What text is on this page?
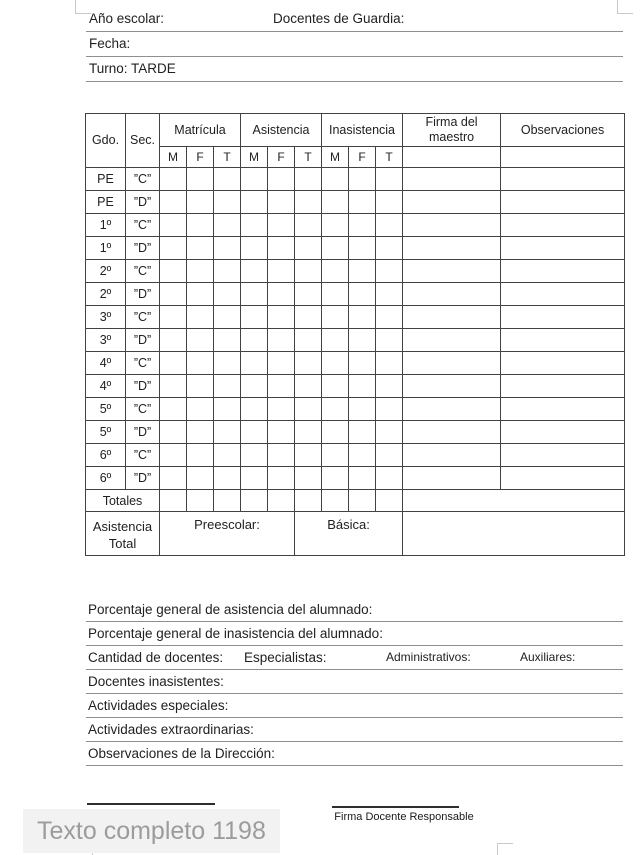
Año escolar:	Docentes de Guardia:
Fecha:
Turno: TARDE
Gdo.	Sec.	Matrícula			Asistencia			Inasistencia			Firma del maestro	Observaciones
		M	F	T	M	F	T	M	F	T		
PE	”C”											
PE	”D”											
1º	”C”											
1º	”D”											
2º	”C”											
2º	”D”											
3º	”C”											
3º	”D”											
4º	”C”											
4º	”D”											
5º	”C”											
5º	”D”											
6º	”C”											
6º	”D”											
Totales												
Asistencia Total		Preescolar:					Básica:					
Porcentaje general de asistencia del alumnado:
Porcentaje general de inasistencia del alumnado:
Cantidad de docentes: Especialistas:	Administrativos:	Auxiliares:
Docentes inasistentes:
Actividades especiales:
Actividades extraordinarias:
Observaciones de la Dirección:
Firma Docente Responsable
Texto completo 1198
